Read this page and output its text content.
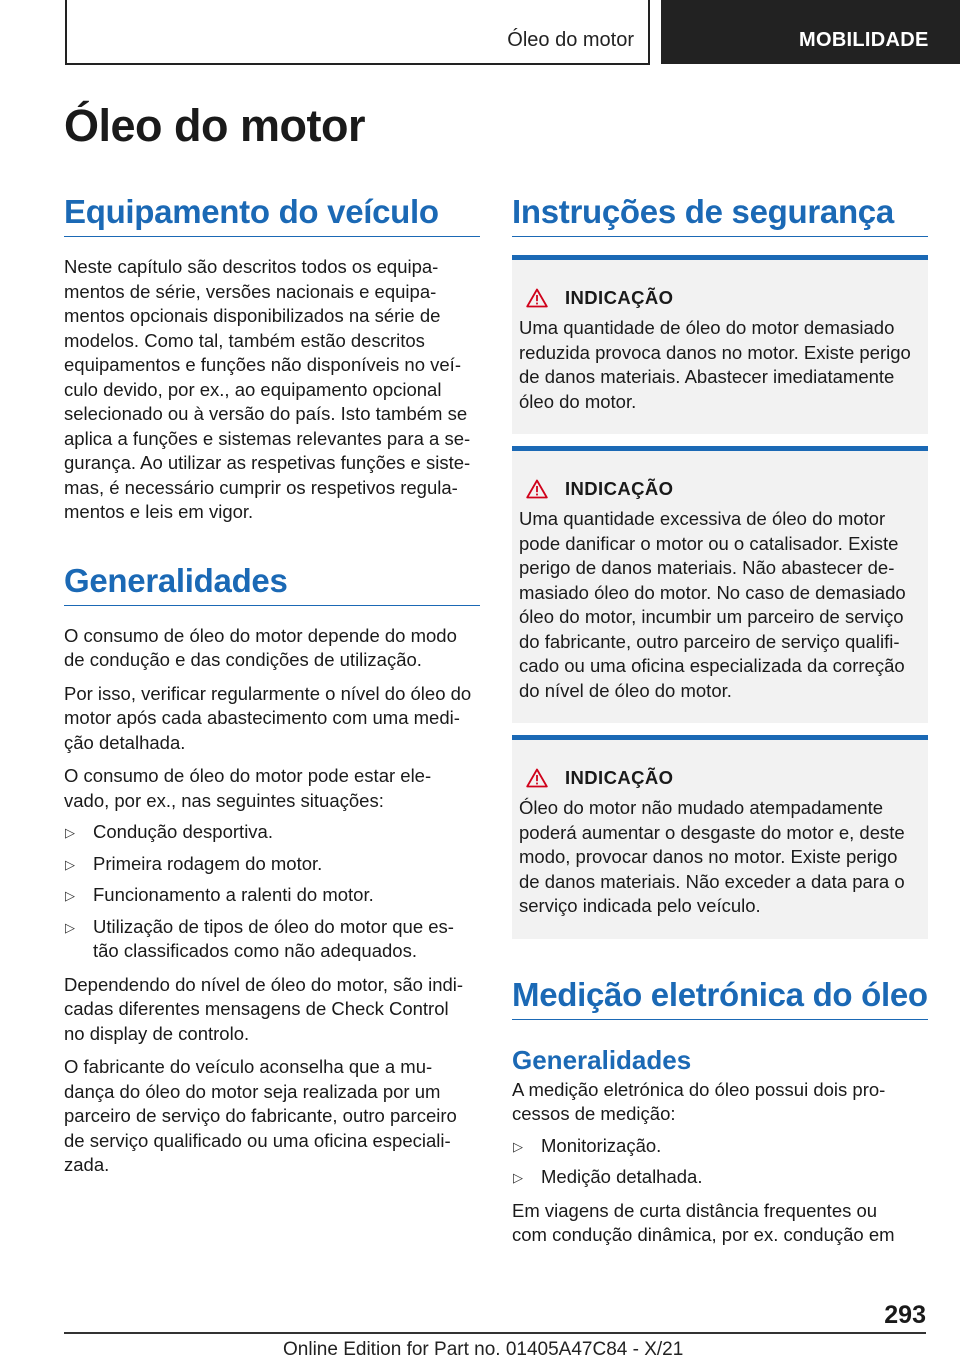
Óleo do motor	MOBILIDADE
Óleo do motor
Equipamento do veículo

Neste capítulo são descritos todos os equipa-
mentos de série, versões nacionais e equipa-
mentos opcionais disponibilizados na série de
modelos. Como tal, também estão descritos
equipamentos e funções não disponíveis no veí-
culo devido, por ex., ao equipamento opcional
selecionado ou à versão do país. Isto também se
aplica a funções e sistemas relevantes para a se-
gurança. Ao utilizar as respetivas funções e siste-
mas, é necessário cumprir os respetivos regula-
mentos e leis em vigor.

Generalidades

O consumo de óleo do motor depende do modo
de condução e das condições de utilização.

Por isso, verificar regularmente o nível do óleo do
motor após cada abastecimento com uma medi-
ção detalhada.

O consumo de óleo do motor pode estar ele-
vado, por ex., nas seguintes situações:

▷ Condução desportiva.
▷ Primeira rodagem do motor.
▷ Funcionamento a ralenti do motor.
▷ Utilização de tipos de óleo do motor que es-
tão classificados como não adequados.

Dependendo do nível de óleo do motor, são indi-
cadas diferentes mensagens de Check Control
no display de controlo.

O fabricante do veículo aconselha que a mu-
dança do óleo do motor seja realizada por um
parceiro de serviço do fabricante, outro parceiro
de serviço qualificado ou uma oficina especiali-
zada.

Instruções de segurança
INDICAÇÃO

Uma quantidade de óleo do motor demasiado
reduzida provoca danos no motor. Existe perigo
de danos materiais. Abastecer imediatamente
óleo do motor.

INDICAÇÃO

Uma quantidade excessiva de óleo do motor
pode danificar o motor ou o catalisador. Existe
perigo de danos materiais. Não abastecer de-
masiado óleo do motor. No caso de demasiado
óleo do motor, incumbir um parceiro de serviço
do fabricante, outro parceiro de serviço qualifi-
cado ou uma oficina especializada da correção
do nível de óleo do motor.

INDICAÇÃO

Óleo do motor não mudado atempadamente
poderá aumentar o desgaste do motor e, deste
modo, provocar danos no motor. Existe perigo
de danos materiais. Não exceder a data para o
serviço indicada pelo veículo.

Medição eletrónica do óleo
Generalidades

A medição eletrónica do óleo possui dois pro-
cessos de medição:

▷ Monitorização.
▷ Medição detalhada.

Em viagens de curta distância frequentes ou
com condução dinâmica, por ex. condução em

293
Online Edition for Part no. 01405A47C84 - X/21
